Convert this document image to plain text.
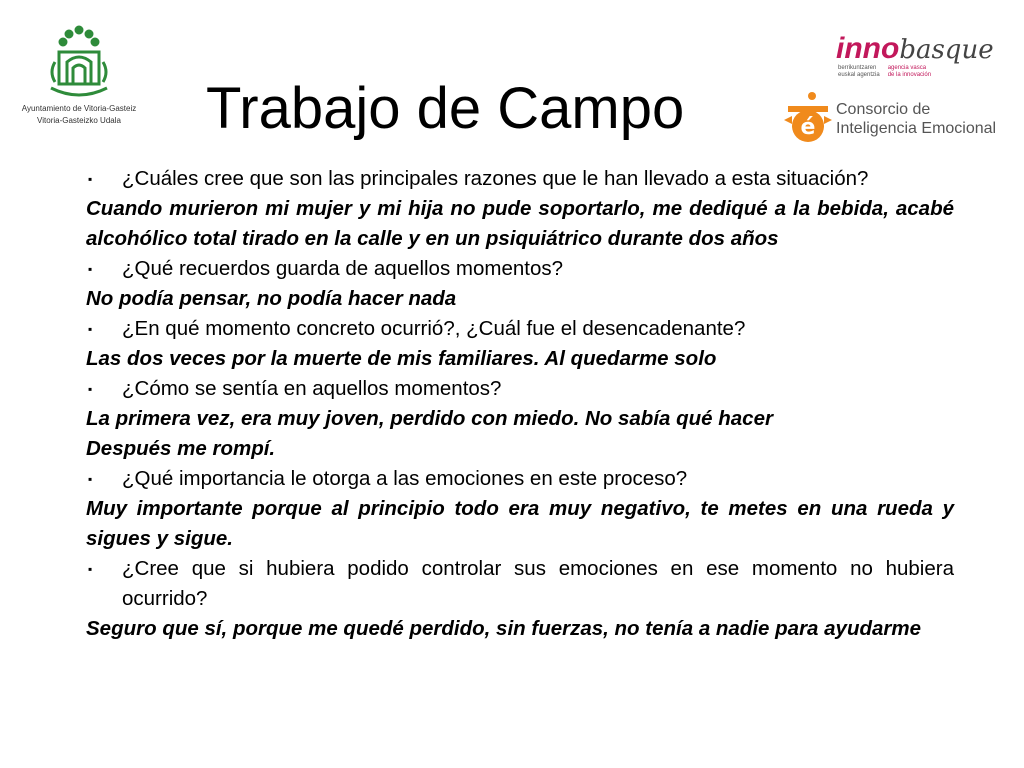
Ayuntamiento de Vitoria-Gasteiz
Vitoria-Gasteizko Udala	Trabajo de Campo
innobasque
berrikuntzaren
euskal agentzia
agencia vasca
de la innovación
é
Consorcio de
Inteligencia Emocional
▪ ¿Cuáles cree que son las principales razones que le han llevado a esta situación?
Cuando murieron mi mujer y mi hija no pude soportarlo, me dediqué a la bebida, acabé alcohólico total tirado en la calle y en un psiquiátrico durante dos años
▪ ¿Qué recuerdos guarda de aquellos momentos?
No podía pensar, no podía hacer nada
▪ ¿En qué momento concreto ocurrió?, ¿Cuál fue el desencadenante?
Las dos veces por la muerte de mis familiares. Al quedarme solo
▪ ¿Cómo se sentía en aquellos momentos?
La primera vez, era muy joven, perdido con miedo. No sabía qué hacer
Después me rompí.
▪ ¿Qué importancia le otorga a las emociones en este proceso?
Muy importante porque al principio todo era muy negativo, te metes en una rueda y sigues y sigue.
▪ ¿Cree que si hubiera podido controlar sus emociones en ese momento no hubiera ocurrido?
Seguro que sí, porque me quedé perdido, sin fuerzas, no tenía a nadie para ayudarme
